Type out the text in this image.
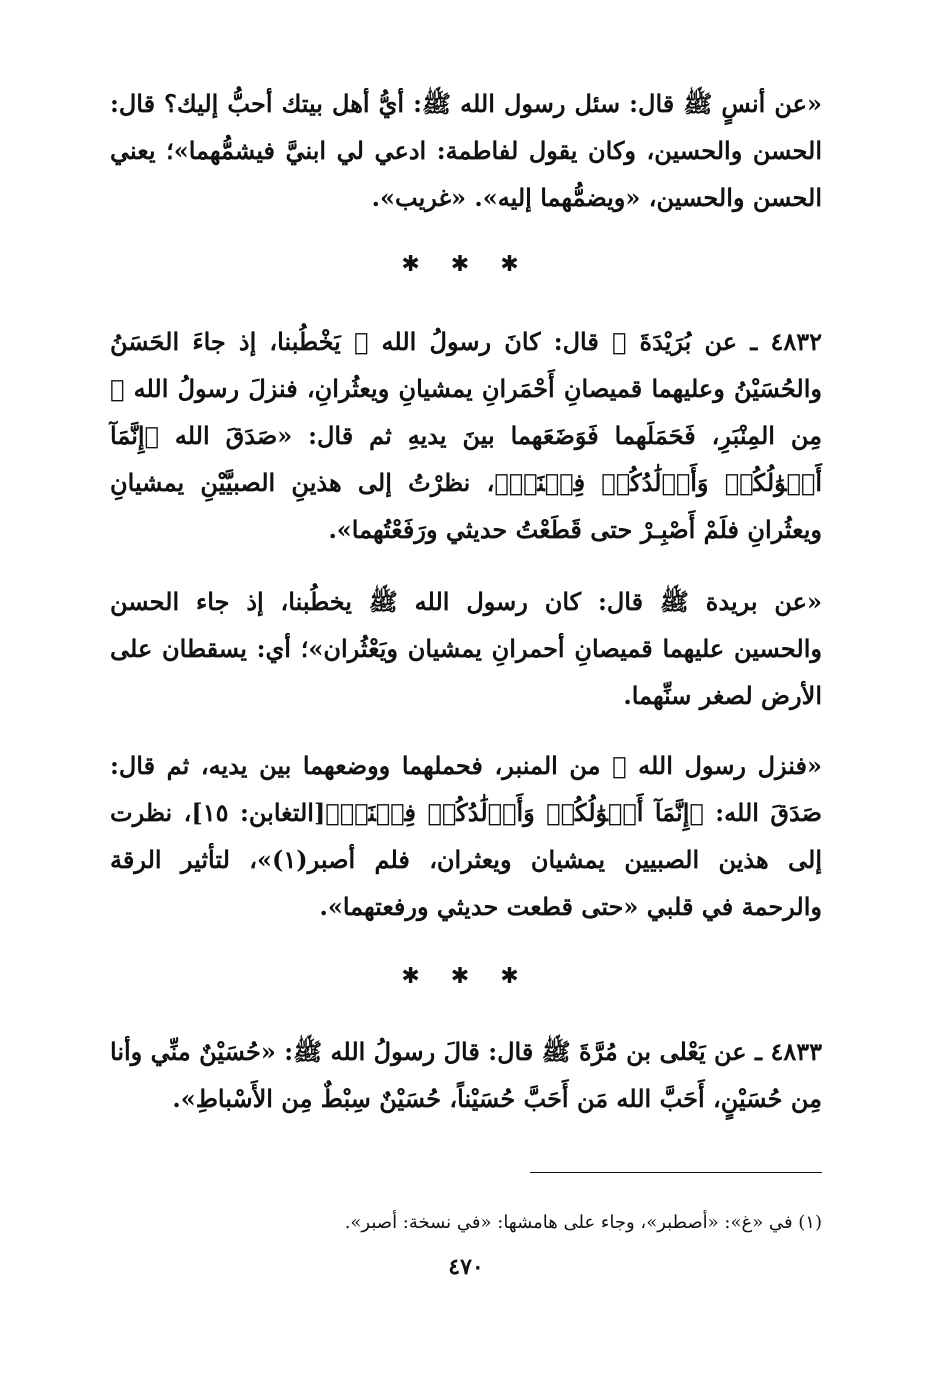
«عن أنسٍ ﷺ قال: سئل رسول الله ﷺ: أيُّ أهل بيتك أحبُّ إليك؟ قال: الحسن والحسين، وكان يقول لفاطمة: ادعي لي ابنيَّ فيشمُّهما»؛ يعني الحسن والحسين، «ويضمُّهما إليه». «غريب».

✱ ✱ ✱

٤٨٣٢ ـ عن بُرَيْدَةَ ﷺ قال: كانَ رسولُ الله ﷺ يَخْطُبنا، إذ جاءَ الحَسَنُ والحُسَيْنُ وعليهما قميصانِ أَحْمَرانِ يمشيانِ ويعثُرانِ، فنزلَ رسولُ الله ﷺ مِن المِنْبَرِ، فَحَمَلَهما فَوَضَعَهما بينَ يديهِ ثم قال: «صَدَقَ الله ﴿إِنَّمَآ أَمۡوَٰلُكُمۡ وَأَوۡلَٰدُكُمۡ فِتۡنَةٞ﴾، نظرْتُ إلى هذينِ الصبيَّيْنِ يمشيانِ ويعثُرانِ فلَمْ أَصْبِـرْ حتى قَطَعْتُ حديثي ورَفَعْتُهما».

«عن بريدة ﷺ قال: كان رسول الله ﷺ يخطُبنا، إذ جاء الحسن والحسين عليهما قميصانِ أحمرانِ يمشيان ويَعْثُران»؛ أي: يسقطان على الأرض لصغر سنِّهما.

«فنزل رسول الله ﷺ من المنبر، فحملهما ووضعهما بين يديه، ثم قال: صَدَقَ الله: ﴿إِنَّمَآ أَمۡوَٰلُكُمۡ وَأَوۡلَٰدُكُمۡ فِتۡنَةٞ﴾[التغابن: ١٥]، نظرت إلى هذين الصبيين يمشيان ويعثران، فلم أصبر(١)»، لتأثير الرقة والرحمة في قلبي «حتى قطعت حديثي ورفعتهما».

✱ ✱ ✱

٤٨٣٣ ـ عن يَعْلى بن مُرَّةَ ﷺ قال: قالَ رسولُ الله ﷺ: «حُسَيْنٌ منِّي وأنا مِن حُسَيْنٍ، أَحَبَّ الله مَن أَحَبَّ حُسَيْناً، حُسَيْنٌ سِبْطٌ مِن الأَسْباطِ».

(١) في «غ»: «أصطبر»، وجاء على هامشها: «في نسخة: أصبر».

٤٧٠
